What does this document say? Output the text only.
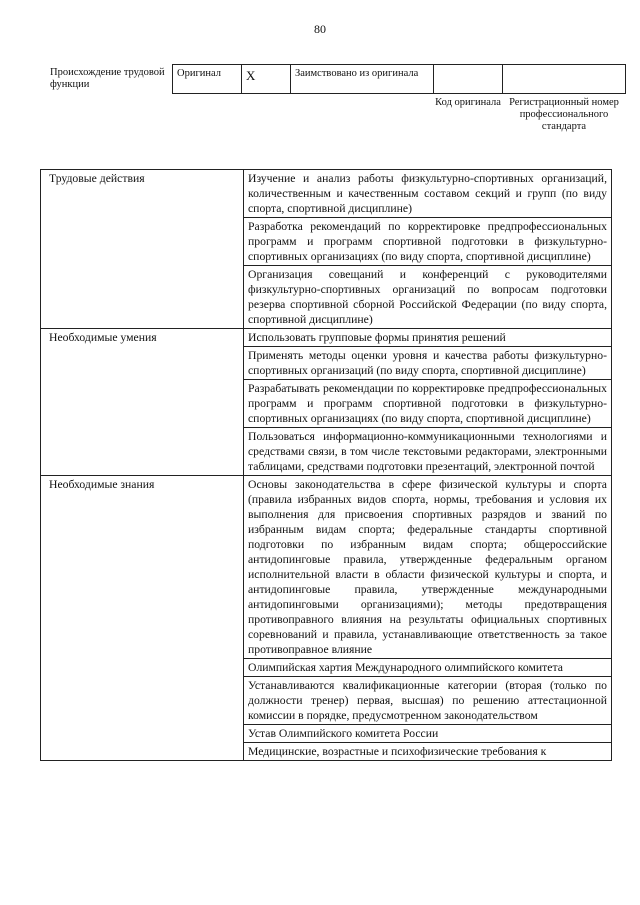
80
Происхождение трудовой функции	Оригинал	X	Заимствовано из оригинала		
				Код оригинала	Регистрационный номер профессионального стандарта
Трудовые действия	Изучение и анализ работы физкультурно-спортивных организаций, количественным и качественным составом секций и групп (по виду спорта, спортивной дисциплине)
	Разработка рекомендаций по корректировке предпрофессиональных программ и программ спортивной подготовки в физкультурно-спортивных организациях (по виду спорта, спортивной дисциплине)
	Организация совещаний и конференций с руководителями физкультурно-спортивных организаций по вопросам подготовки резерва спортивной сборной Российской Федерации (по виду спорта, спортивной дисциплине)
Необходимые умения	Использовать групповые формы принятия решений
	Применять методы оценки уровня и качества работы физкультурно-спортивных организаций (по виду спорта, спортивной дисциплине)
	Разрабатывать рекомендации по корректировке предпрофессиональных программ и программ спортивной подготовки в физкультурно-спортивных организациях (по виду спорта, спортивной дисциплине)
	Пользоваться информационно-коммуникационными технологиями и средствами связи, в том числе текстовыми редакторами, электронными таблицами, средствами подготовки презентаций, электронной почтой
Необходимые знания	Основы законодательства в сфере физической культуры и спорта (правила избранных видов спорта, нормы, требования и условия их выполнения для присвоения спортивных разрядов и званий по избранным видам спорта; федеральные стандарты спортивной подготовки по избранным видам спорта; общероссийские антидопинговые правила, утвержденные федеральным органом исполнительной власти в области физической культуры и спорта, и антидопинговые правила, утвержденные международными антидопинговыми организациями); методы предотвращения противоправного влияния на результаты официальных спортивных соревнований и правила, устанавливающие ответственность за такое противоправное влияние
	Олимпийская хартия Международного олимпийского комитета
	Устанавливаются квалификационные категории (вторая (только по должности тренер) первая, высшая) по решению аттестационной комиссии в порядке, предусмотренном законодательством
	Устав Олимпийского комитета России
	Медицинские, возрастные и психофизические требования к
